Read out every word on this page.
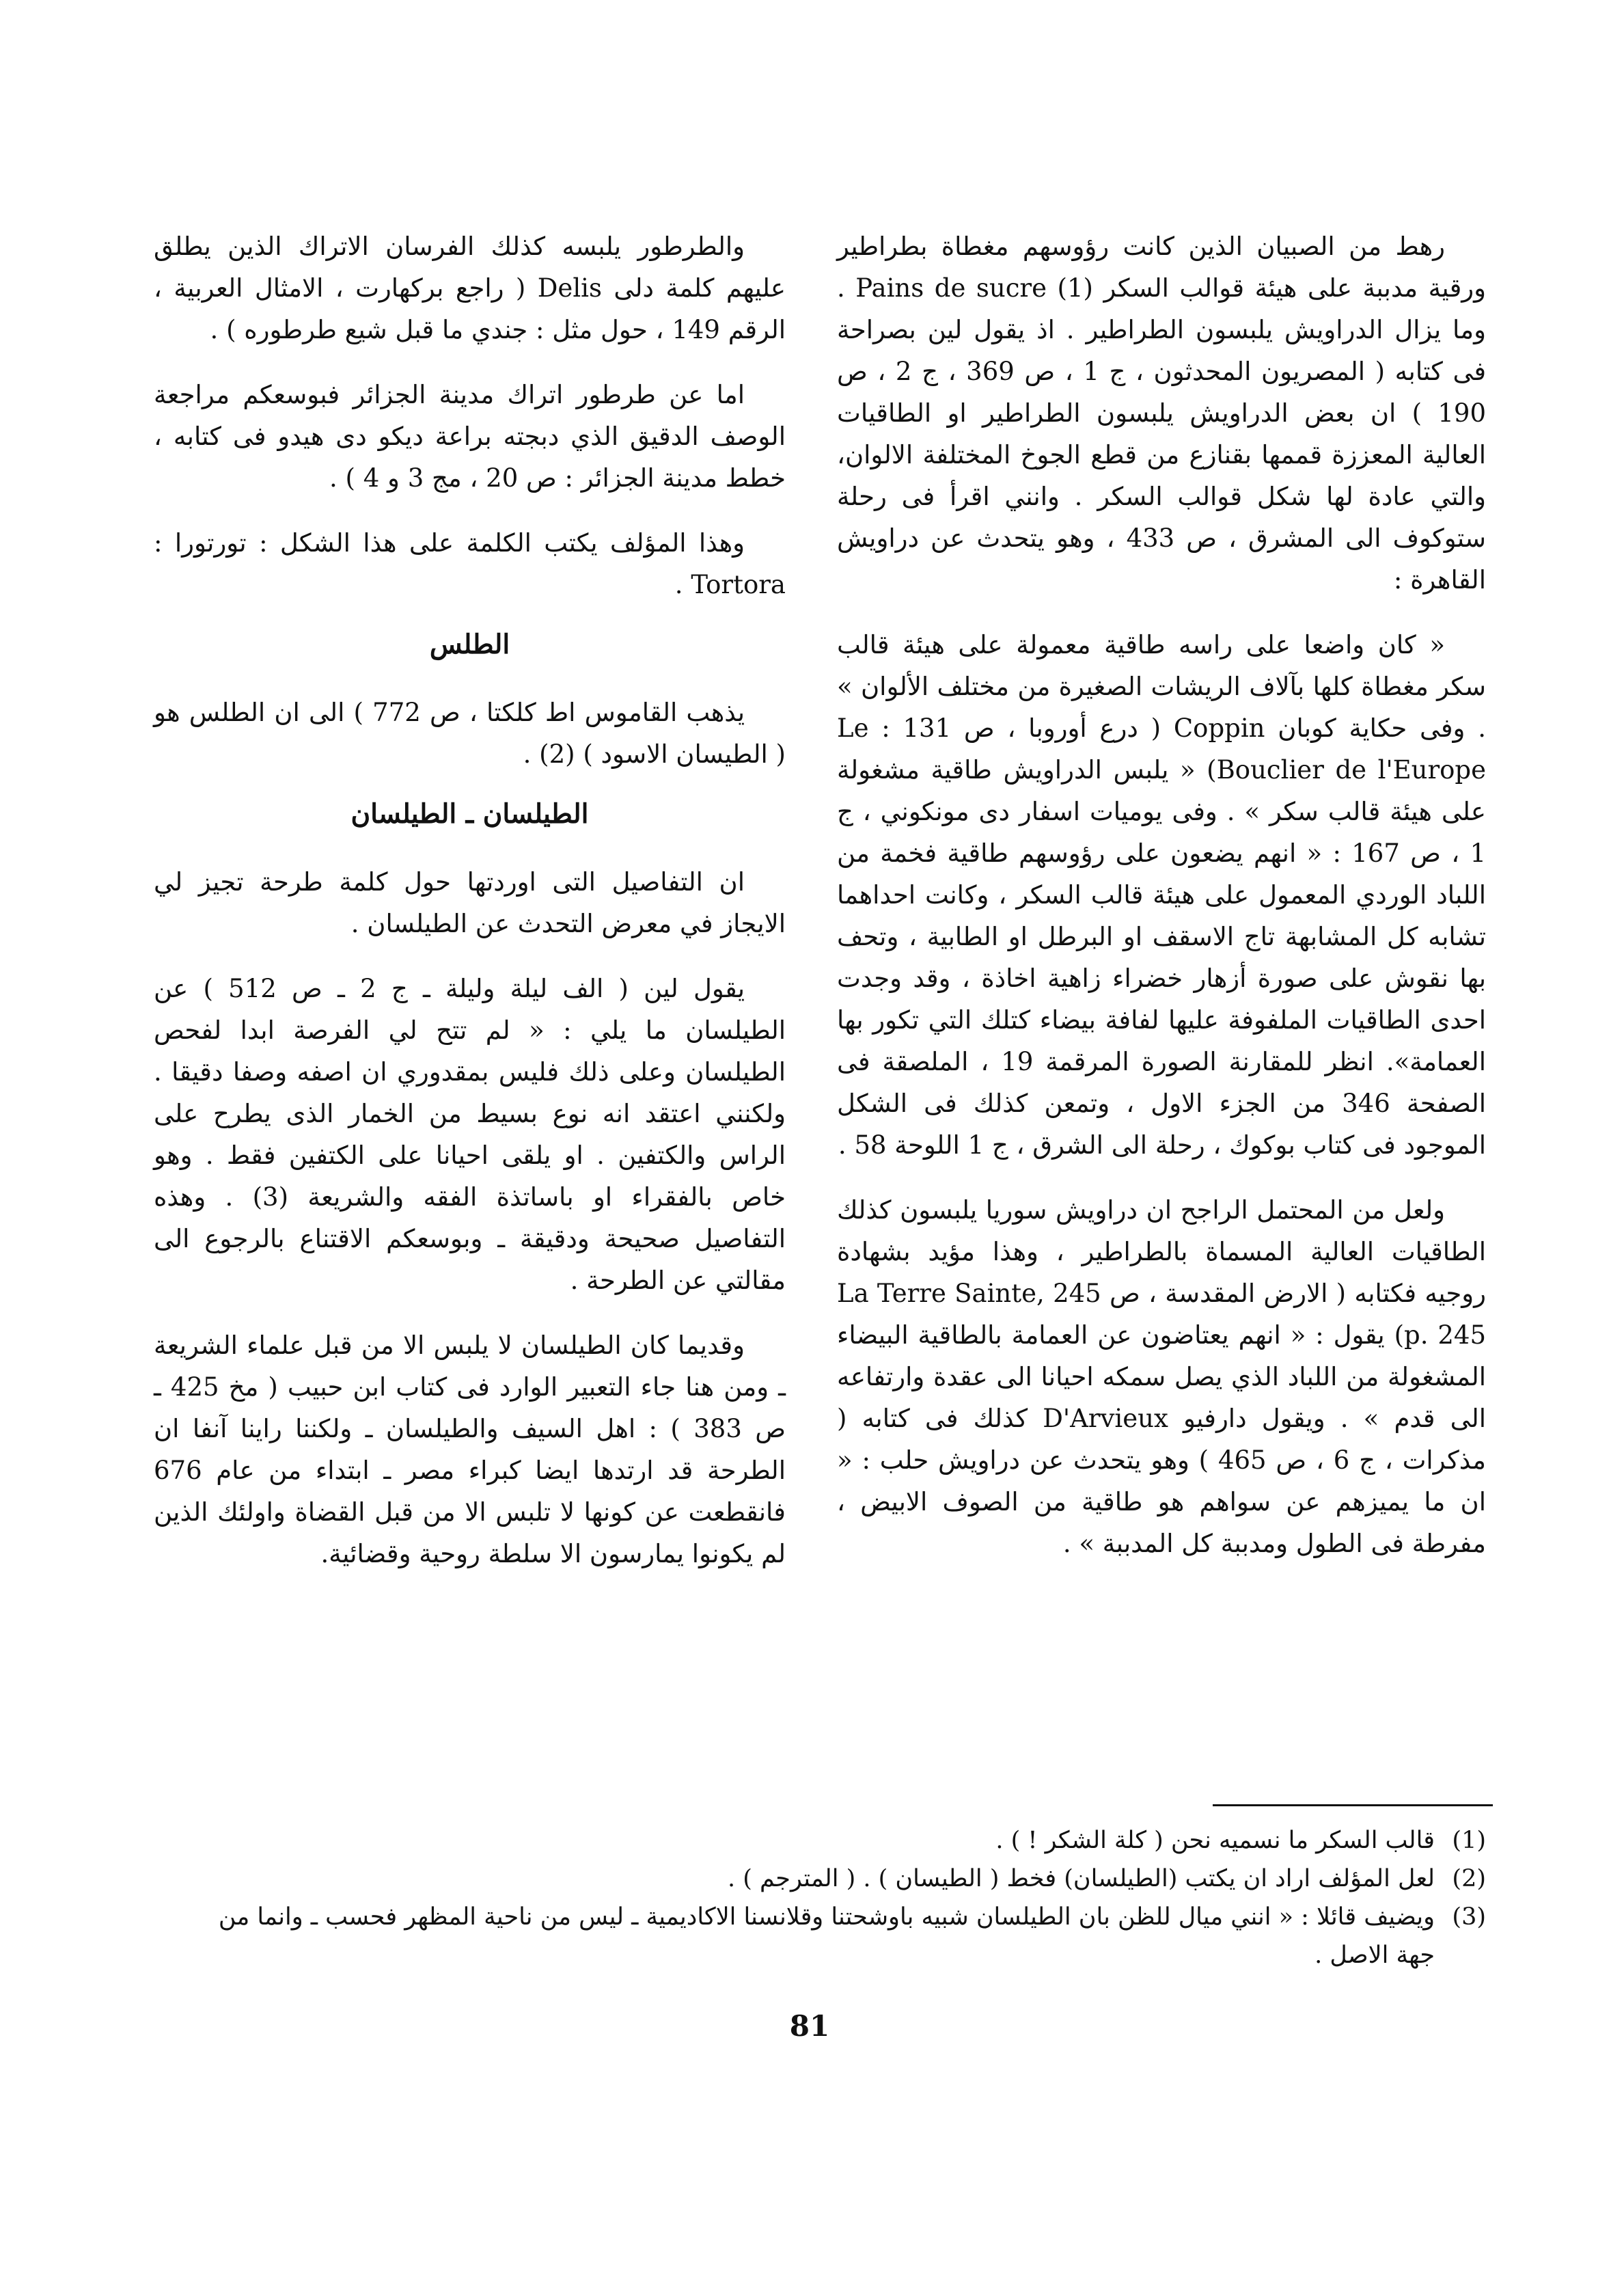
رهط من الصبيان الذين كانت رؤوسهم مغطاة بطراطير ورقية مدببة على هيئة قوالب السكر (1) Pains de sucre . وما يزال الدراويش يلبسون الطراطير . اذ يقول لين بصراحة فى كتابه ( المصريون المحدثون ، ج 1 ، ص 369 ، ج 2 ، ص 190 ) ان بعض الدراويش يلبسون الطراطير او الطاقيات العالية المعززة قممها بقنازع من قطع الجوخ المختلفة الالوان، والتي عادة لها شكل قوالب السكر . وانني اقرأ فى رحلة ستوكوف الى المشرق ، ص 433 ، وهو يتحدث عن دراويش القاهرة :

« كان واضعا على راسه طاقية معمولة على هيئة قالب سكر مغطاة كلها بآلاف الريشات الصغيرة من مختلف الألوان » . وفى حكاية كوبان Coppin ( درع أوروبا ، ص 131 : Le Bouclier de l'Europe) « يلبس الدراويش طاقية مشغولة على هيئة قالب سكر » . وفى يوميات اسفار دى مونكوني ، ج 1 ، ص 167 : « انهم يضعون على رؤوسهم طاقية فخمة من اللباد الوردي المعمول على هيئة قالب السكر ، وكانت احداهما تشابه كل المشابهة تاج الاسقف او البرطل او الطابية ، وتحف بها نقوش على صورة أزهار خضراء زاهية اخاذة ، وقد وجدت احدى الطاقيات الملفوفة عليها لفافة بيضاء كتلك التي تكور بها العمامة». انظر للمقارنة الصورة المرقمة 19 ، الملصقة فى الصفحة 346 من الجزء الاول ، وتمعن كذلك فى الشكل الموجود فى كتاب بوكوك ، رحلة الى الشرق ، ج 1 اللوحة 58 .

ولعل من المحتمل الراجح ان دراويش سوريا يلبسون كذلك الطاقيات العالية المسماة بالطراطير ، وهذا مؤيد بشهادة روجيه فكتابه ( الارض المقدسة ، ص 245 La Terre Sainte, p. 245) يقول : « انهم يعتاضون عن العمامة بالطاقية البيضاء المشغولة من اللباد الذي يصل سمكه احيانا الى عقدة وارتفاعه الى قدم » . ويقول دارفيو D'Arvieux كذلك فى كتابه ( مذكرات ، ج 6 ، ص 465 ) وهو يتحدث عن دراويش حلب : « ان ما يميزهم عن سواهم هو طاقية من الصوف الابيض ، مفرطة فى الطول ومدببة كل المدببة » .

والطرطور يلبسه كذلك الفرسان الاتراك الذين يطلق عليهم كلمة دلى Delis ( راجع بركهارت ، الامثال العربية ، الرقم 149 ، حول مثل : جندي ما قبل شيع طرطوره ) .

اما عن طرطور اتراك مدينة الجزائر فبوسعكم مراجعة الوصف الدقيق الذي دبجته براعة ديكو دى هيدو فى كتابه ، خطط مدينة الجزائر : ص 20 ، مج 3 و 4 ) .

وهذا المؤلف يكتب الكلمة على هذا الشكل : تورتورا : Tortora .

الطلس

يذهب القاموس اط كلكتا ، ص 772 ) الى ان الطلس هو ( الطيسان الاسود ) (2) .

الطيلسان ـ الطيلسان

ان التفاصيل التى اوردتها حول كلمة طرحة تجيز لي الايجاز في معرض التحدث عن الطيلسان .

يقول لين ( الف ليلة وليلة ـ ج 2 ـ ص 512 ) عن الطيلسان ما يلي : « لم تتح لي الفرصة ابدا لفحص الطيلسان وعلى ذلك فليس بمقدوري ان اصفه وصفا دقيقا . ولكنني اعتقد انه نوع بسيط من الخمار الذى يطرح على الراس والكتفين . او يلقى احيانا على الكتفين فقط . وهو خاص بالفقراء او باساتذة الفقه والشريعة (3) . وهذه التفاصيل صحيحة ودقيقة ـ وبوسعكم الاقتناع بالرجوع الى مقالتي عن الطرحة .

وقديما كان الطيلسان لا يلبس الا من قبل علماء الشريعة ـ ومن هنا جاء التعبير الوارد فى كتاب ابن حبيب ( مخ 425 ـ ص 383 ) : اهل السيف والطيلسان ـ ولكننا راينا آنفا ان الطرحة قد ارتدها ايضا كبراء مصر ـ ابتداء من عام 676 فانقطعت عن كونها لا تلبس الا من قبل القضاة واولئك الذين لم يكونوا يمارسون الا سلطة روحية وقضائية.

(1)
قالب السكر ما نسميه نحن ( كلة الشكر ! ) .
(2)
لعل المؤلف اراد ان يكتب (الطيلسان) فخط ( الطيسان ) . ( المترجم ) .
(3)
ويضيف قائلا : « انني ميال للظن بان الطيلسان شبيه باوشحتنا وقلانسنا الاكاديمية ـ ليس من ناحية المظهر فحسب ـ وانما من جهة الاصل .
81
